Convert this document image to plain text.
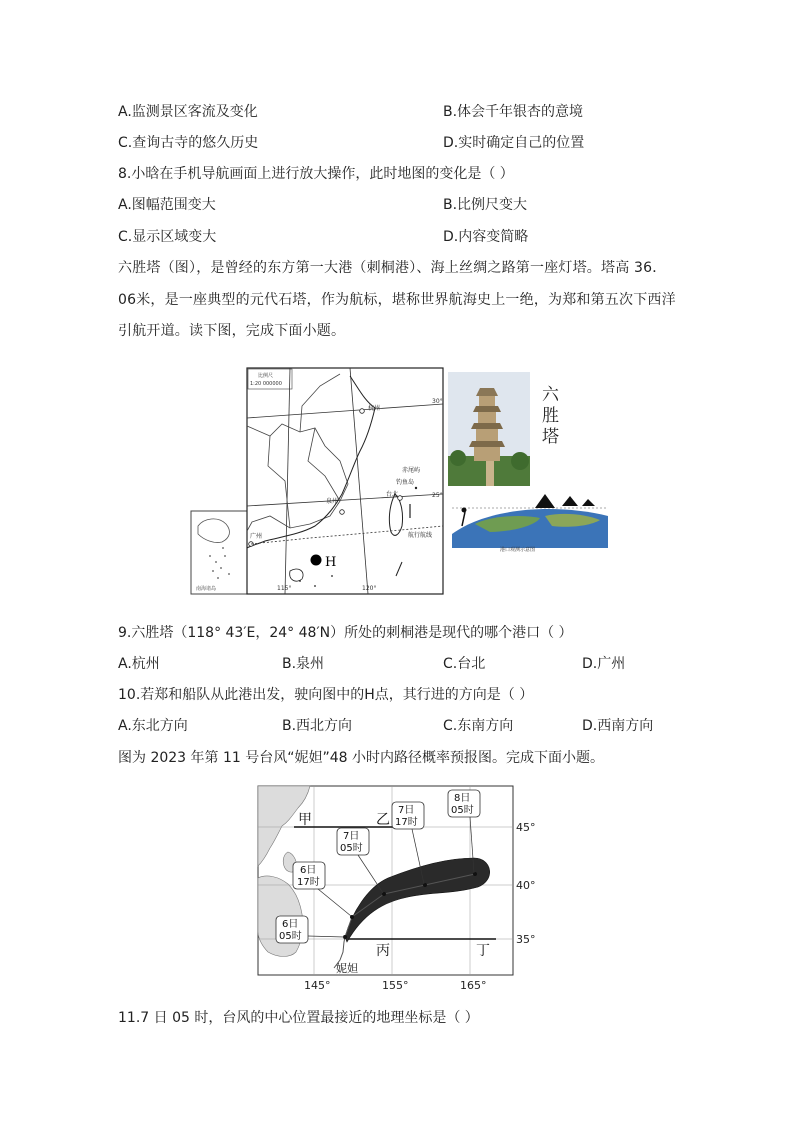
A.监测景区客流及变化	B.体会千年银杏的意境
C.查询古寺的悠久历史	D.实时确定自己的位置
8.小晗在手机导航画面上进行放大操作，此时地图的变化是（ ）
A.图幅范围变大	B.比例尺变大
C.显示区域变大	D.内容变简略
六胜塔（图），是曾经的东方第一大港（刺桐港）、海上丝绸之路第一座灯塔。塔高 36．06米，是一座典型的元代石塔，作为航标，堪称世界航海史上一绝，为郑和第五次下西洋引航开道。读下图，完成下面小题。
南海诸岛
比例尺
1:20 000000
30°
25°
115°	120°
杭州
泉州
台北
广州
赤尾屿
钓鱼岛
航行航线
H
六
胜
塔
港口观测示意图
9.六胜塔（118° 43′E，24° 48′N）所处的刺桐港是现代的哪个港口（ ）
A.杭州	B.泉州	C.台北	D.广州
10.若郑和船队从此港出发，驶向图中的H点，其行进的方向是（ ）
A.东北方向	B.西北方向	C.东南方向	D.西南方向
图为 2023 年第 11 号台风“妮妲”48 小时内路径概率预报图。完成下面小题。
45°
40°
35°
145°	155°	165°
甲	乙
丙	丁
妮妲
6日
05时
6日
17时
7日
05时
7日
17时
8日
05时
11.7 日 05 时，台风的中心位置最接近的地理坐标是（ ）
